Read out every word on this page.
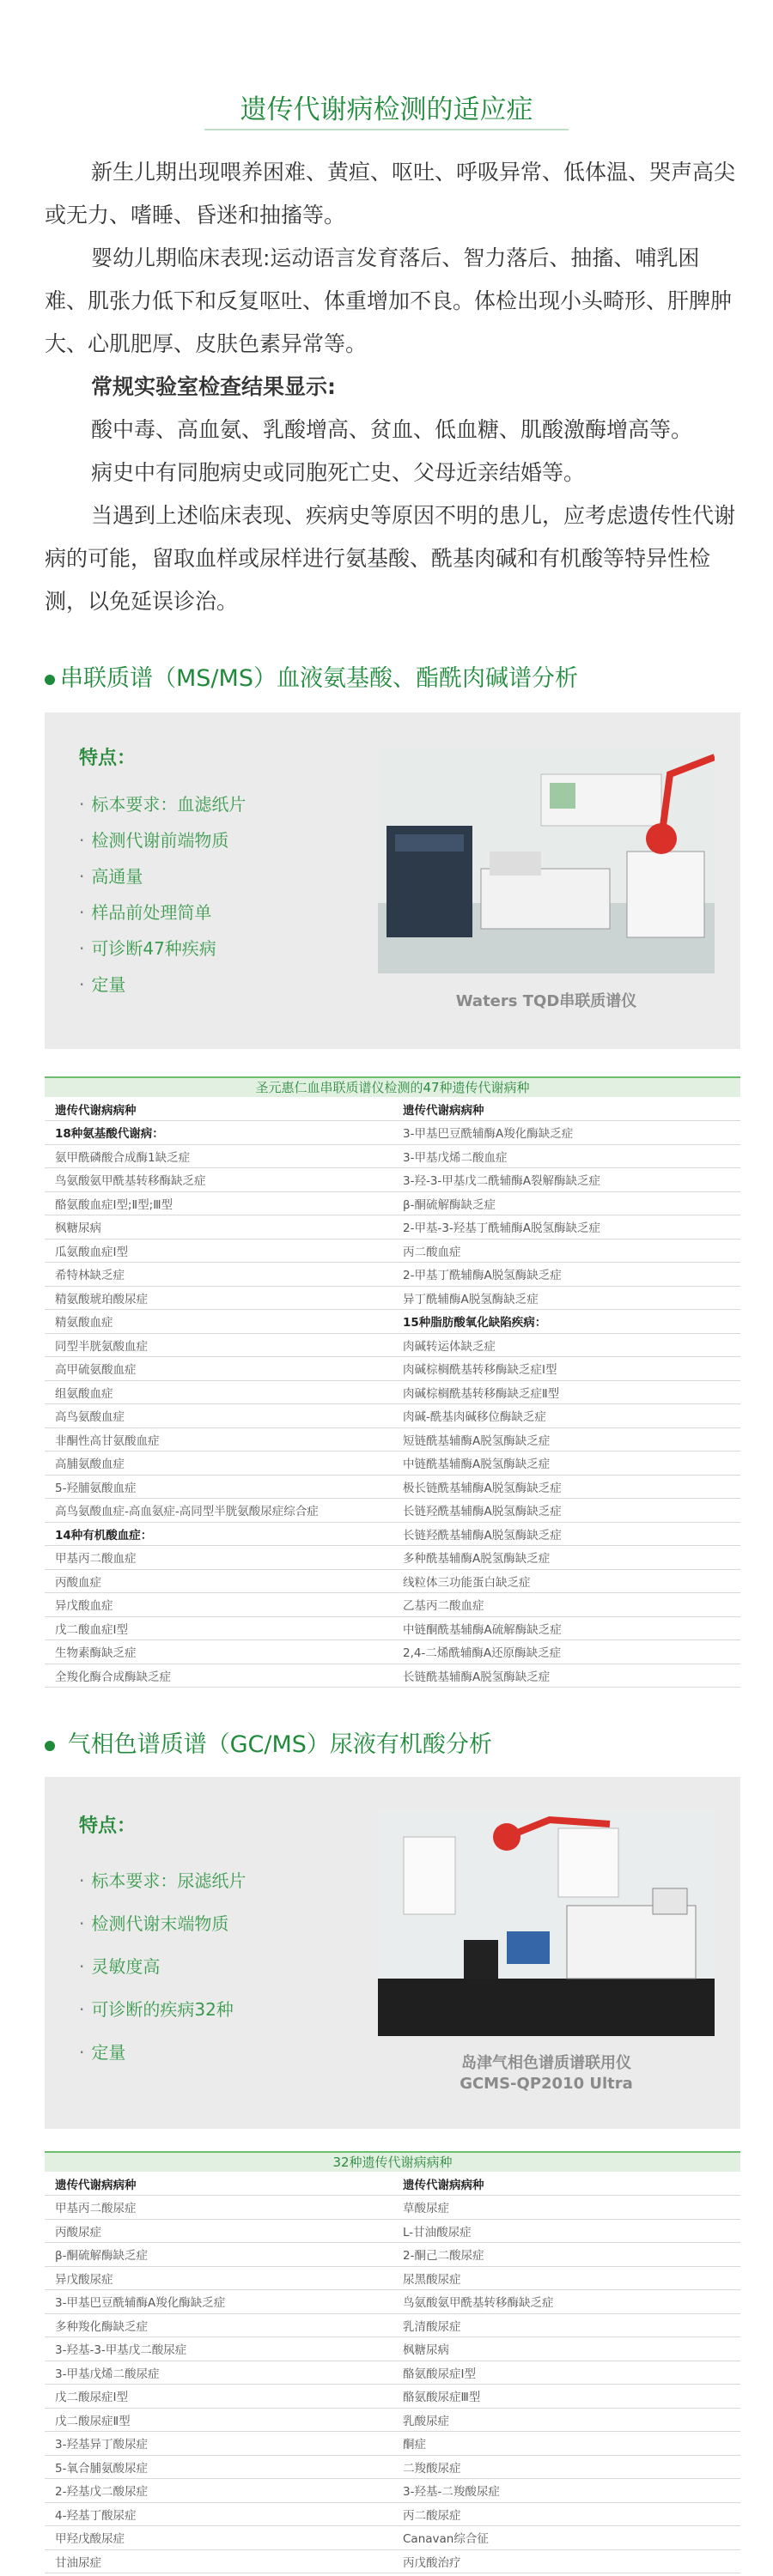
遗传代谢病检测的适应症

新生儿期出现喂养困难、黄疸、呕吐、呼吸异常、低体温、哭声高尖或无力、嗜睡、昏迷和抽搐等。

婴幼儿期临床表现:运动语言发育落后、智力落后、抽搐、哺乳困难、肌张力低下和反复呕吐、体重增加不良。体检出现小头畸形、肝脾肿大、心肌肥厚、皮肤色素异常等。

常规实验室检查结果显示:

酸中毒、高血氨、乳酸增高、贫血、低血糖、肌酸激酶增高等。

病史中有同胞病史或同胞死亡史、父母近亲结婚等。

当遇到上述临床表现、疾病史等原因不明的患儿，应考虑遗传性代谢病的可能，留取血样或尿样进行氨基酸、酰基肉碱和有机酸等特异性检测，以免延误诊治。

串联质谱（MS/MS）血液氨基酸、酯酰肉碱谱分析
特点：
· 标本要求：血滤纸片
· 检测代谢前端物质
· 高通量
· 样品前处理简单
· 可诊断47种疾病
· 定量
Waters TQD串联质谱仪
圣元惠仁血串联质谱仪检测的47种遗传代谢病种
遗传代谢病病种	遗传代谢病病种
18种氨基酸代谢病：	3-甲基巴豆酰辅酶A羧化酶缺乏症
氨甲酰磷酸合成酶1缺乏症	3-甲基戊烯二酸血症
鸟氨酸氨甲酰基转移酶缺乏症	3-羟-3-甲基戊二酰辅酶A裂解酶缺乏症
酪氨酸血症Ⅰ型;Ⅱ型;Ⅲ型	β-酮硫解酶缺乏症
枫糖尿病	2-甲基-3-羟基丁酰辅酶A脱氢酶缺乏症
瓜氨酸血症Ⅰ型	丙二酸血症
希特林缺乏症	2-甲基丁酰辅酶A脱氢酶缺乏症
精氨酸琥珀酸尿症	异丁酰辅酶A脱氢酶缺乏症
精氨酸血症	15种脂肪酸氧化缺陷疾病：
同型半胱氨酸血症	肉碱转运体缺乏症
高甲硫氨酸血症	肉碱棕榈酰基转移酶缺乏症Ⅰ型
组氨酸血症	肉碱棕榈酰基转移酶缺乏症Ⅱ型
高鸟氨酸血症	肉碱-酰基肉碱移位酶缺乏症
非酮性高甘氨酸血症	短链酰基辅酶A脱氢酶缺乏症
高脯氨酸血症	中链酰基辅酶A脱氢酶缺乏症
5-羟脯氨酸血症	极长链酰基辅酶A脱氢酶缺乏症
高鸟氨酸血症-高血氨症-高同型半胱氨酸尿症综合症	长链羟酰基辅酶A脱氢酶缺乏症
14种有机酸血症：	长链羟酰基辅酶A脱氢酶缺乏症
甲基丙二酸血症	多种酰基辅酶A脱氢酶缺乏症
丙酸血症	线粒体三功能蛋白缺乏症
异戊酸血症	乙基丙二酸血症
戊二酸血症Ⅰ型	中链酮酰基辅酶A硫解酶缺乏症
生物素酶缺乏症	2,4-二烯酰辅酶A还原酶缺乏症
全羧化酶合成酶缺乏症	长链酰基辅酶A脱氢酶缺乏症
气相色谱质谱（GC/MS）尿液有机酸分析
特点：
· 标本要求：尿滤纸片
· 检测代谢末端物质
· 灵敏度高
· 可诊断的疾病32种
· 定量
岛津气相色谱质谱联用仪
GCMS-QP2010 Ultra
32种遗传代谢病病种
遗传代谢病病种	遗传代谢病病种
甲基丙二酸尿症	草酸尿症
丙酸尿症	L-甘油酸尿症
β-酮硫解酶缺乏症	2-酮己二酸尿症
异戊酸尿症	尿黑酸尿症
3-甲基巴豆酰辅酶A羧化酶缺乏症	鸟氨酸氨甲酰基转移酶缺乏症
多种羧化酶缺乏症	乳清酸尿症
3-羟基-3-甲基戊二酸尿症	枫糖尿病
3-甲基戊烯二酸尿症	酪氨酸尿症Ⅰ型
戊二酸尿症Ⅰ型	酪氨酸尿症Ⅲ型
戊二酸尿症Ⅱ型	乳酸尿症
3-羟基异丁酸尿症	酮症
5-氧合脯氨酸尿症	二羧酸尿症
2-羟基戊二酸尿症	3-羟基-二羧酸尿症
4-羟基丁酸尿症	丙二酸尿症
甲羟戊酸尿症	Canavan综合征
甘油尿症	丙戊酸治疗
